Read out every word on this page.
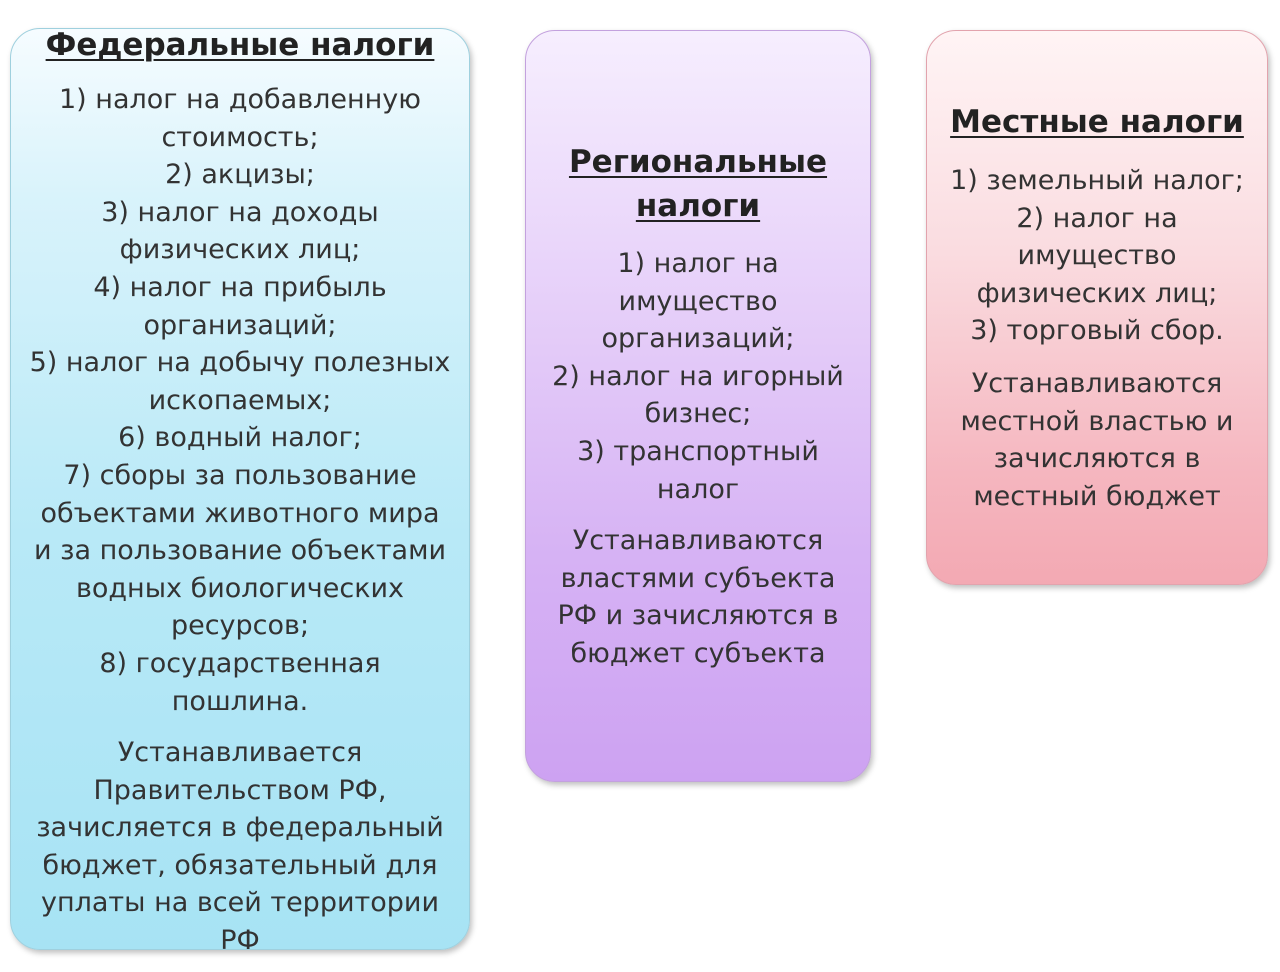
Федеральные налоги
1) налог на добавленную
стоимость;
2) акцизы;
3) налог на доходы
физических лиц;
4) налог на прибыль
организаций;
5) налог на добычу полезных
ископаемых;
6) водный налог;
7) сборы за пользование
объектами животного мира
и за пользование объектами
водных биологических
ресурсов;
8) государственная
пошлина.
Устанавливается
Правительством РФ,
зачисляется в федеральный
бюджет, обязательный для
уплаты на всей территории
РФ
Региональные
налоги
1) налог на
имущество
организаций;
2) налог на игорный
бизнес;
3) транспортный
налог
Устанавливаются
властями субъекта
РФ и зачисляются в
бюджет субъекта
Местные налоги
1) земельный налог;
2) налог на
имущество
физических лиц;
3) торговый сбор.
Устанавливаются
местной властью и
зачисляются в
местный бюджет
